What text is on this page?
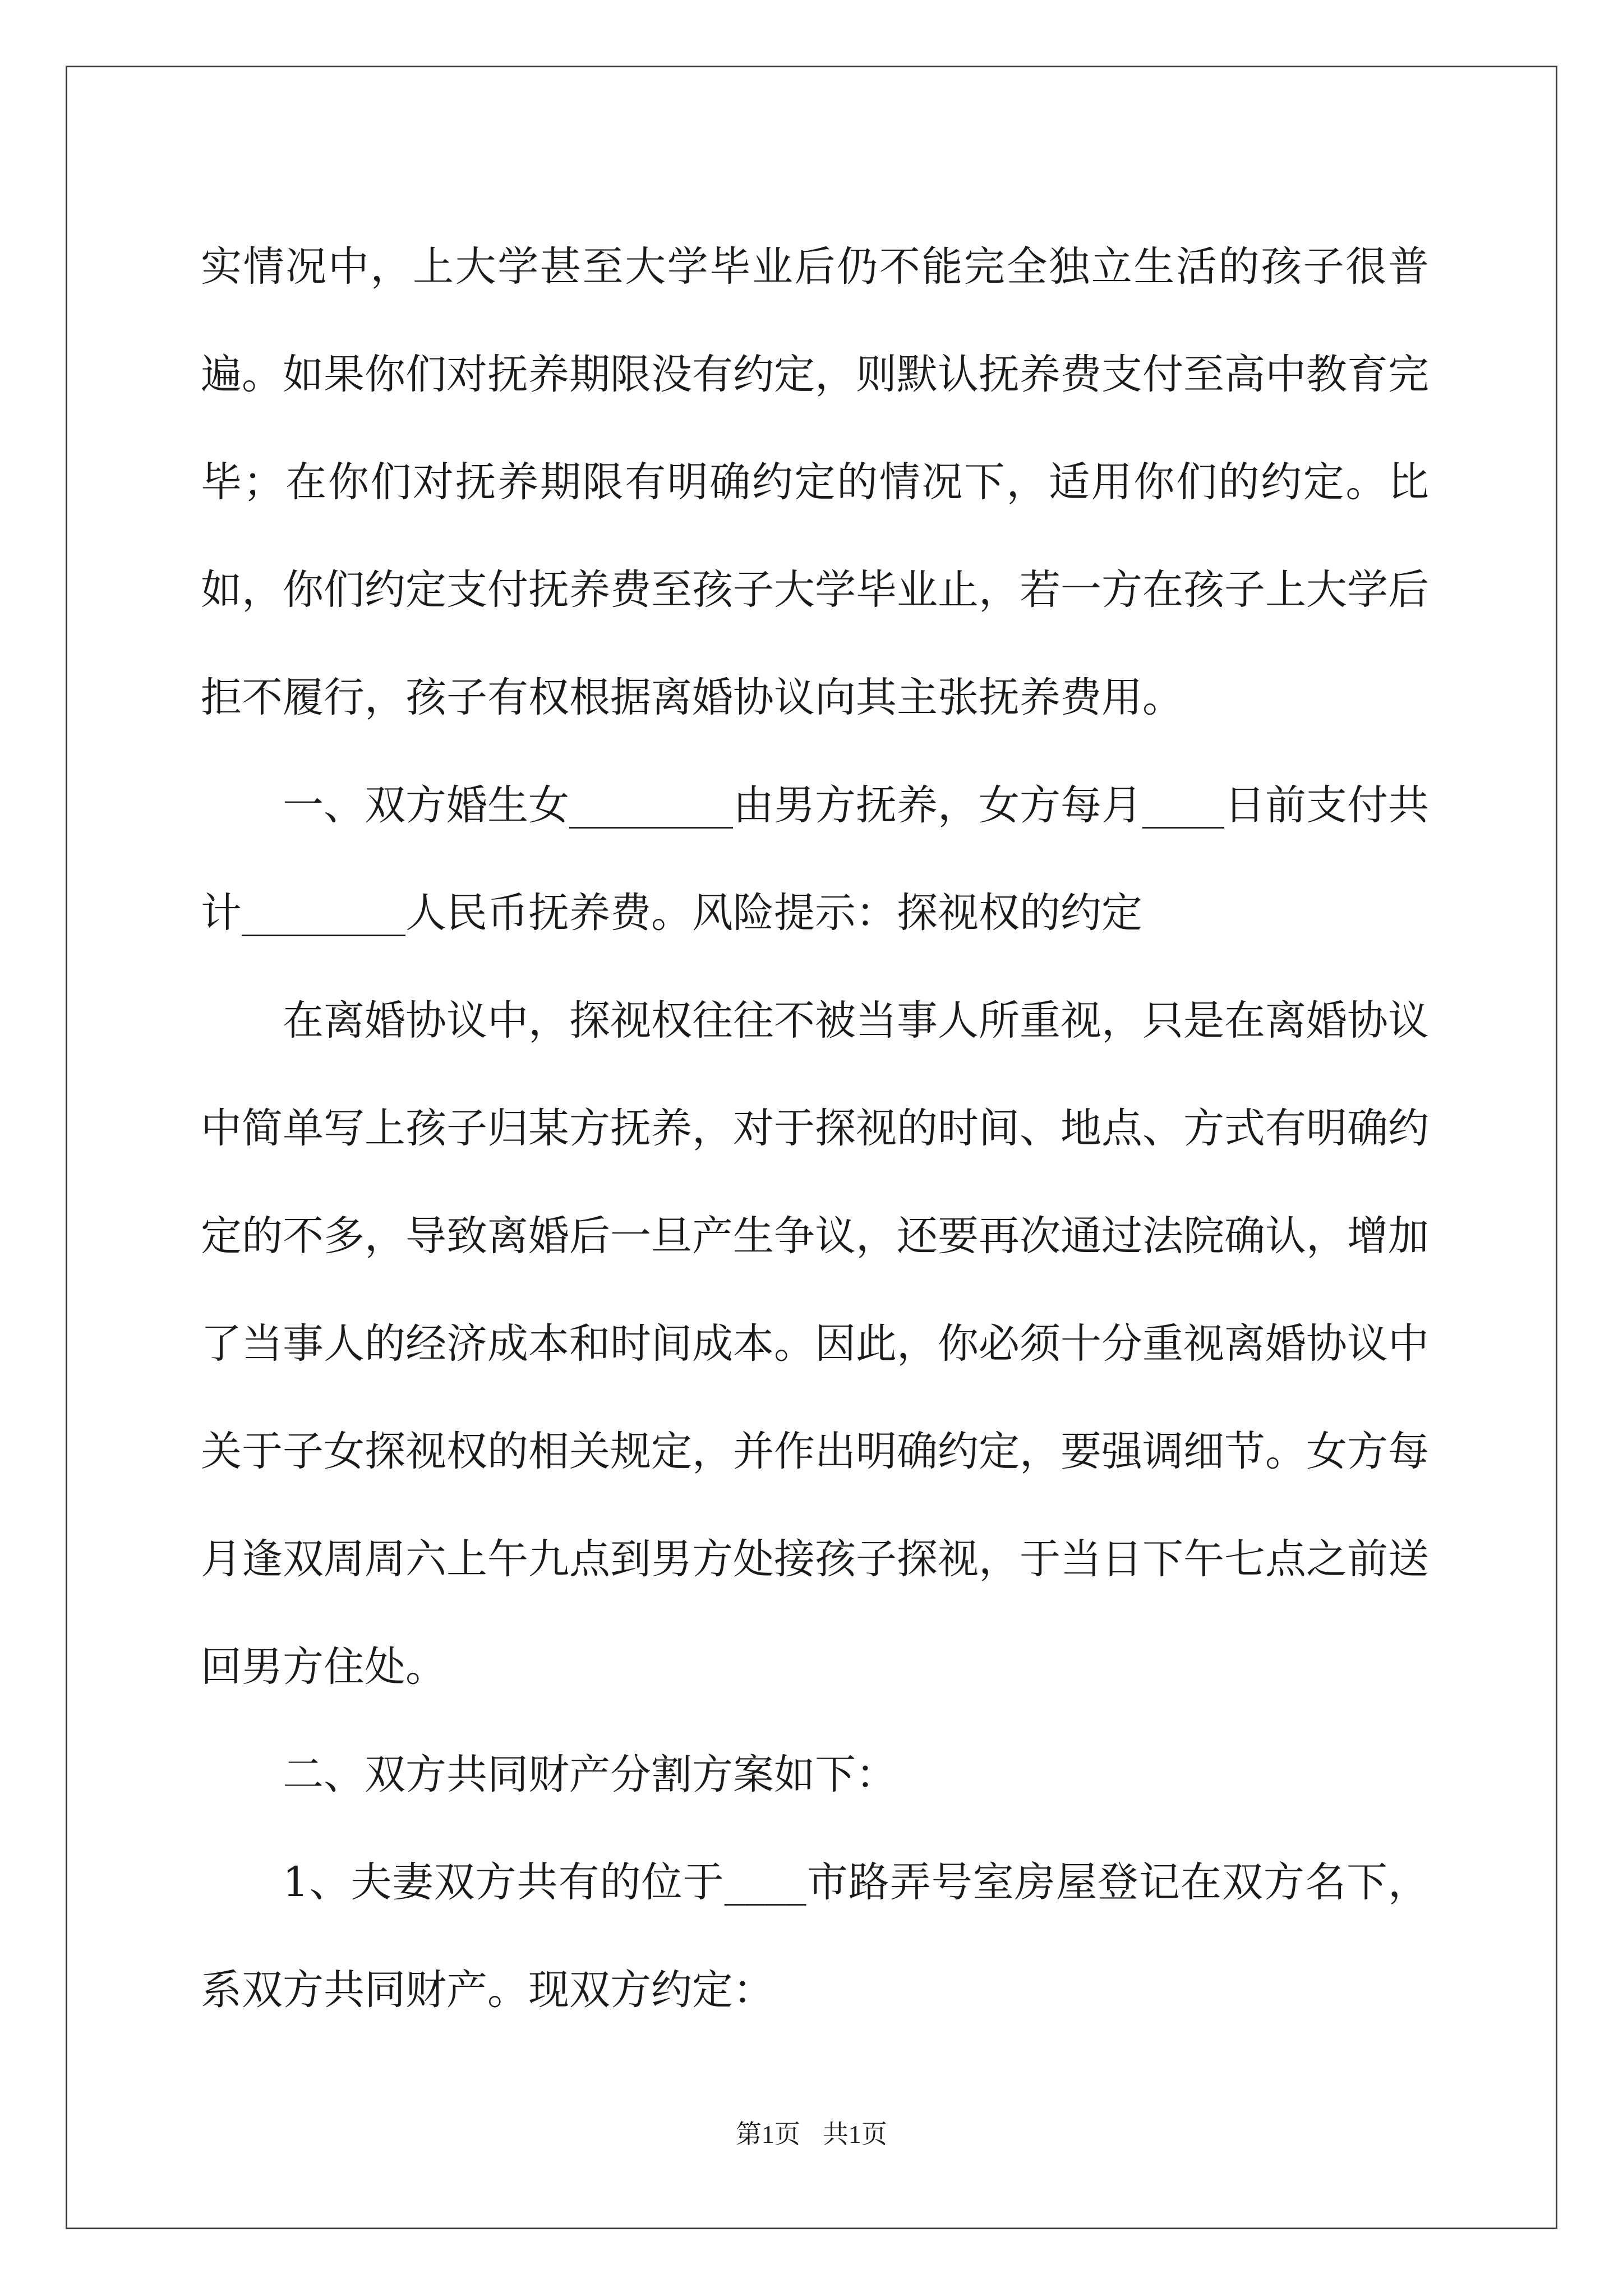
实情况中，上大学甚至大学毕业后仍不能完全独立生活的孩子很普遍。如果你们对抚养期限没有约定，则默认抚养费支付至高中教育完毕；在你们对抚养期限有明确约定的情况下，适用你们的约定。比如，你们约定支付抚养费至孩子大学毕业止，若一方在孩子上大学后拒不履行，孩子有权根据离婚协议向其主张抚养费用。

一、双方婚生女________由男方抚养，女方每月____日前支付共计________人民币抚养费。风险提示：探视权的约定

在离婚协议中，探视权往往不被当事人所重视，只是在离婚协议中简单写上孩子归某方抚养，对于探视的时间、地点、方式有明确约定的不多，导致离婚后一旦产生争议，还要再次通过法院确认，增加了当事人的经济成本和时间成本。因此，你必须十分重视离婚协议中关于子女探视权的相关规定，并作出明确约定，要强调细节。女方每月逢双周周六上午九点到男方处接孩子探视，于当日下午七点之前送回男方住处。

二、双方共同财产分割方案如下：

1、夫妻双方共有的位于____市路弄号室房屋登记在双方名下，系双方共同财产。现双方约定：

第1页 共1页
